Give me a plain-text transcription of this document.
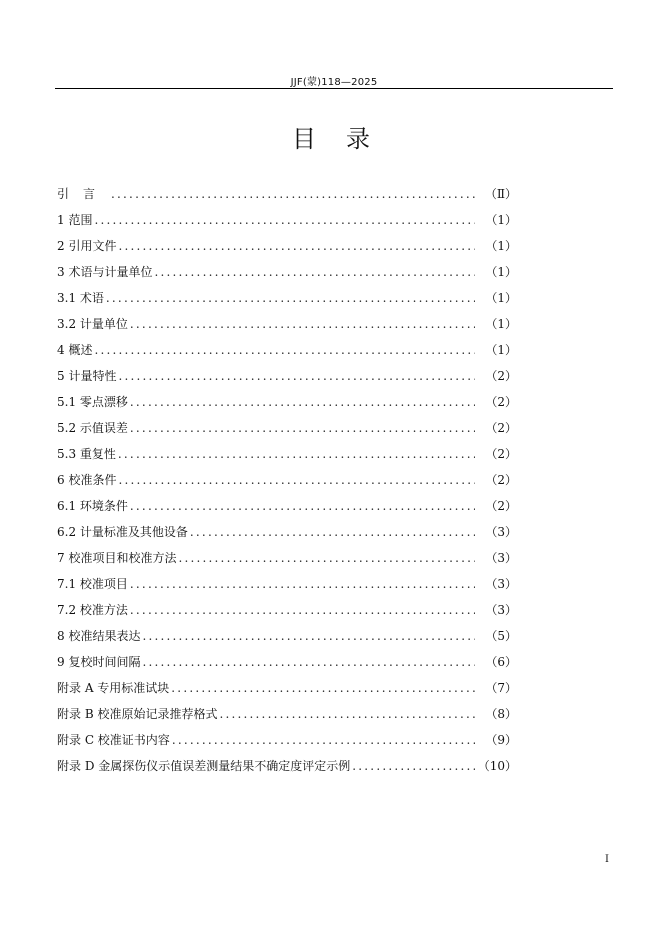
JJF(蒙)118—2025
目录
引言 .....	（Ⅱ）
1 范围 .....	（1）
2 引用文件 .....	（1）
3 术语与计量单位 .....	（1）
3.1 术语 .....	（1）
3.2 计量单位 .....	（1）
4 概述 .....	（1）
5 计量特性 .....	（2）
5.1 零点漂移 .....	（2）
5.2 示值误差 .....	（2）
5.3 重复性 .....	（2）
6 校准条件 .....	（2）
6.1 环境条件 .....	（2）
6.2 计量标准及其他设备 .....	（3）
7 校准项目和校准方法 .....	（3）
7.1 校准项目 .....	（3）
7.2 校准方法 .....	（3）
8 校准结果表达 .....	（5）
9 复校时间间隔 .....	（6）
附录 A 专用标准试块 .....	（7）
附录 B 校准原始记录推荐格式 .....	（8）
附录 C 校准证书内容 .....	（9）
附录 D 金属探伤仪示值误差测量结果不确定度评定示例 .....	（10）
I
